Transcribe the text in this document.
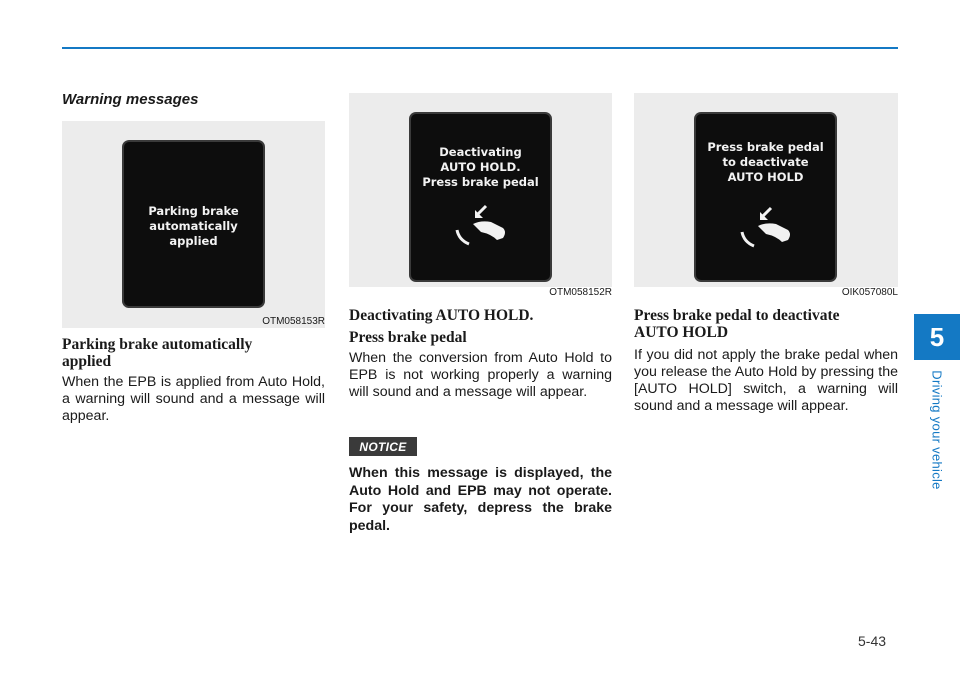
Warning messages
Parking brake
automatically
applied
OTM058153R
Deactivating
AUTO HOLD.
Press brake pedal
OTM058152R
Press brake pedal
to deactivate
AUTO HOLD
OIK057080L
Parking brake automatically applied
When the EPB is applied from Auto Hold, a warning will sound and a message will appear.
Deactivating AUTO HOLD.
Press brake pedal
When the conversion from Auto Hold to EPB is not working properly a warning will sound and a message will appear.
NOTICE
When this message is displayed, the Auto Hold and EPB may not operate. For your safety, depress the brake pedal.
Press brake pedal to deactivate AUTO HOLD
If you did not apply the brake pedal when you release the Auto Hold by pressing the [AUTO HOLD] switch, a warning will sound and a message will appear.
5
Driving your vehicle
5-43
